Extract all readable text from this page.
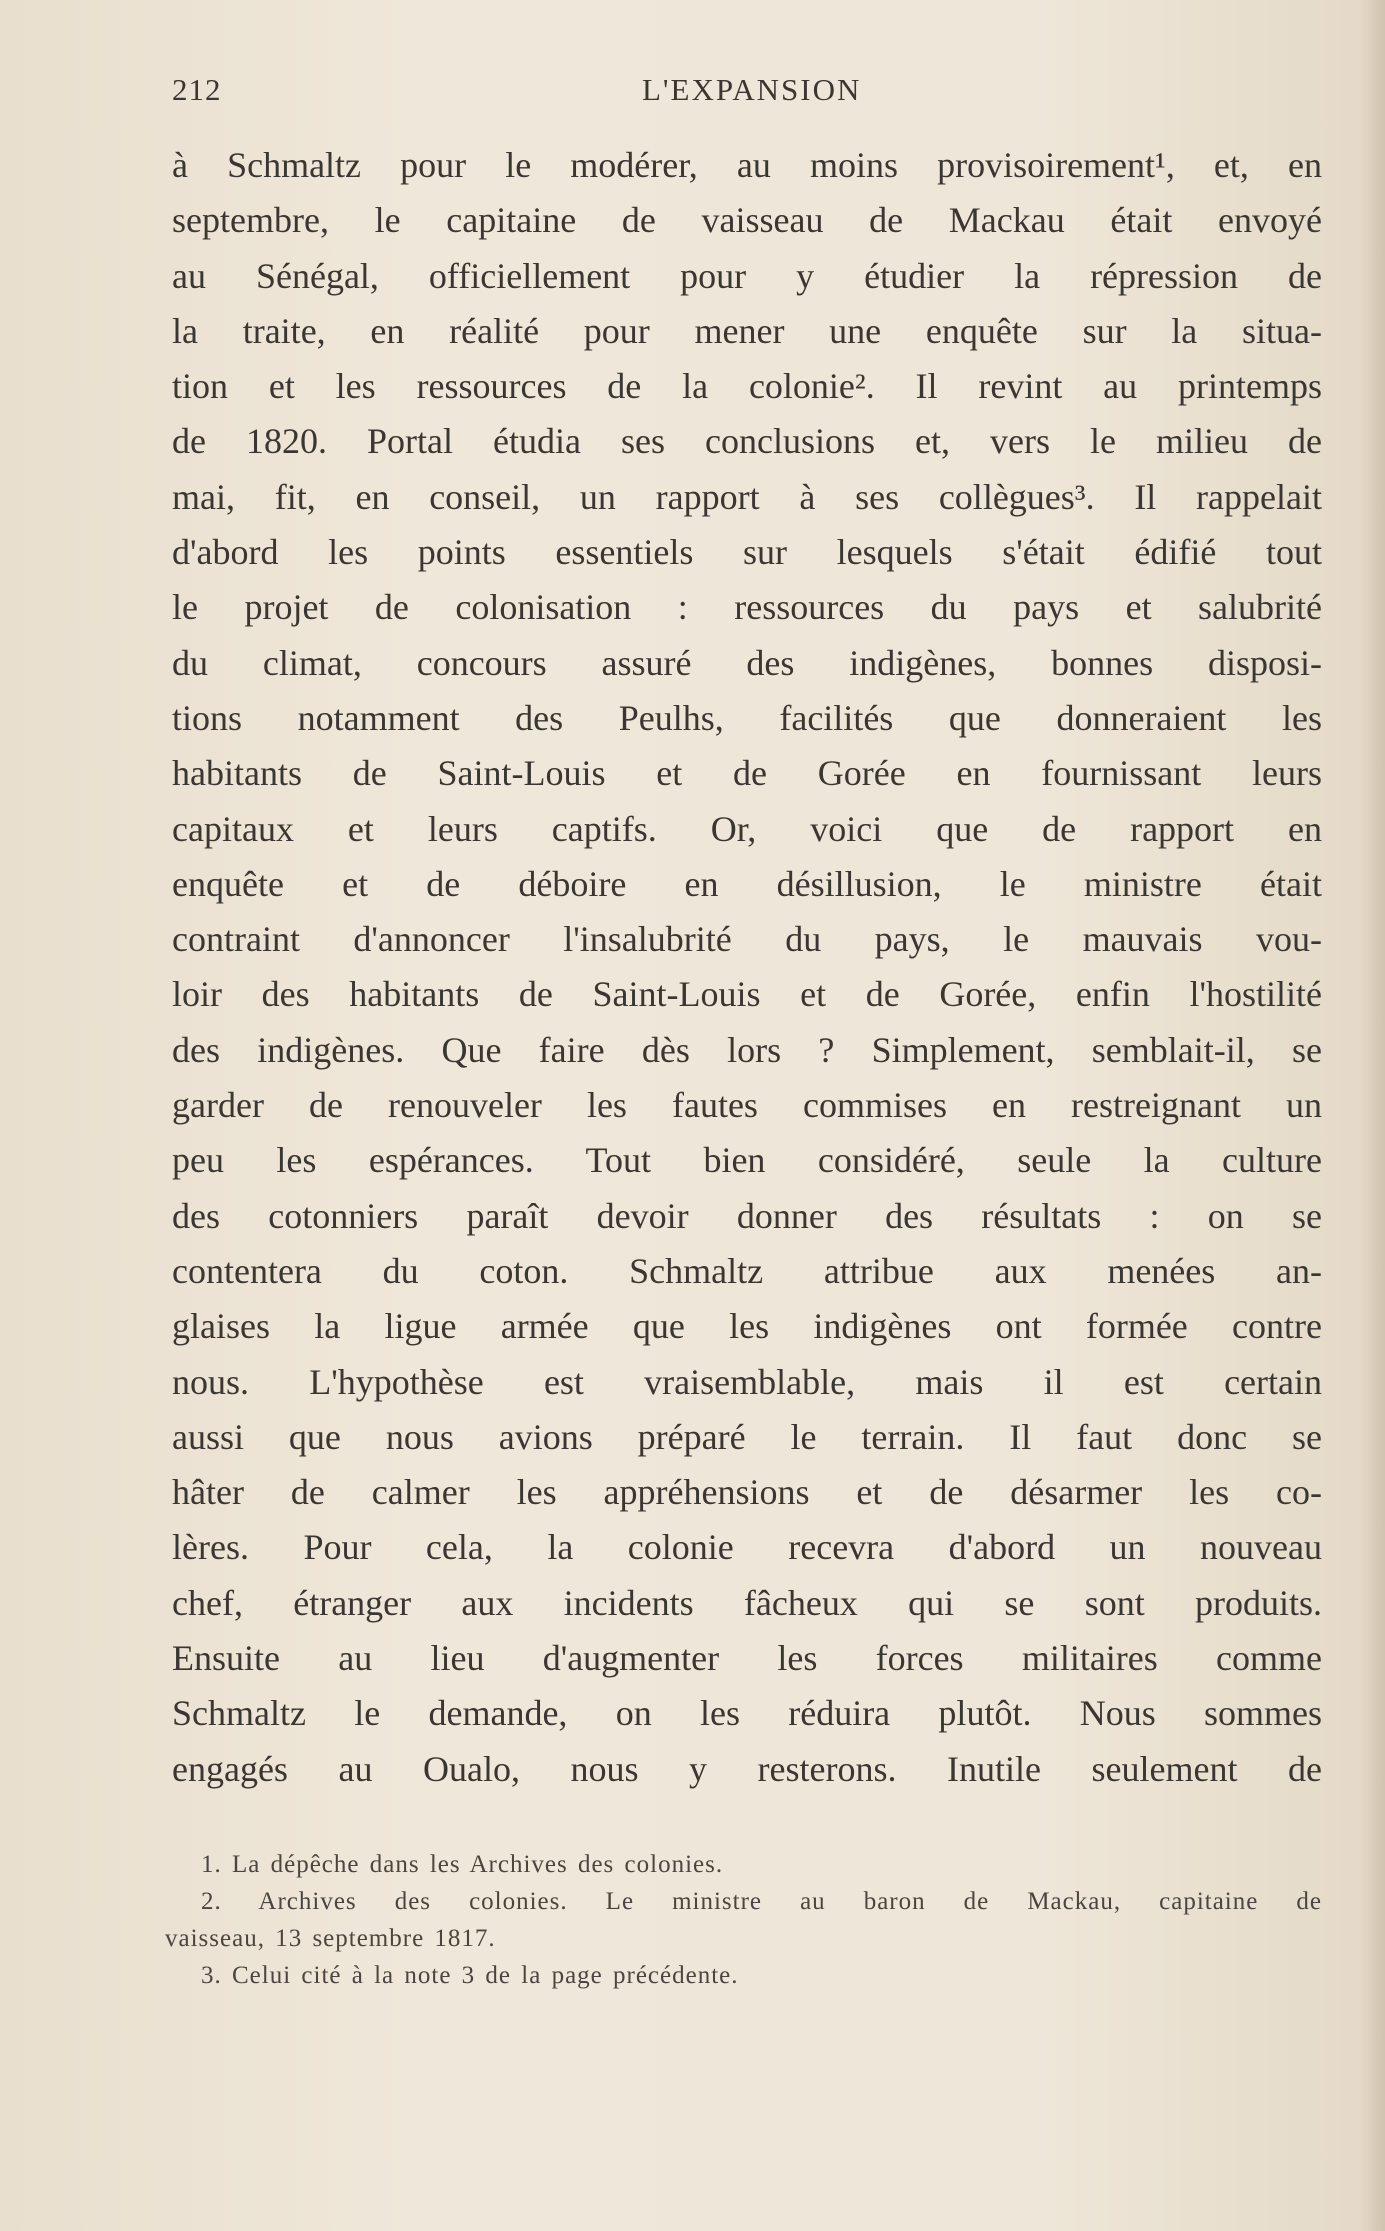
212	L'EXPANSION
à Schmaltz pour le modérer, au moins provisoirement¹, et, en
septembre, le capitaine de vaisseau de Mackau était envoyé
au Sénégal, officiellement pour y étudier la répression de
la traite, en réalité pour mener une enquête sur la situa-
tion et les ressources de la colonie². Il revint au printemps
de 1820. Portal étudia ses conclusions et, vers le milieu de
mai, fit, en conseil, un rapport à ses collègues³. Il rappelait
d'abord les points essentiels sur lesquels s'était édifié tout
le projet de colonisation : ressources du pays et salubrité
du climat, concours assuré des indigènes, bonnes disposi-
tions notamment des Peulhs, facilités que donneraient les
habitants de Saint-Louis et de Gorée en fournissant leurs
capitaux et leurs captifs. Or, voici que de rapport en
enquête et de déboire en désillusion, le ministre était
contraint d'annoncer l'insalubrité du pays, le mauvais vou-
loir des habitants de Saint-Louis et de Gorée, enfin l'hostilité
des indigènes. Que faire dès lors ? Simplement, semblait-il, se
garder de renouveler les fautes commises en restreignant un
peu les espérances. Tout bien considéré, seule la culture
des cotonniers paraît devoir donner des résultats : on se
contentera du coton. Schmaltz attribue aux menées an-
glaises la ligue armée que les indigènes ont formée contre
nous. L'hypothèse est vraisemblable, mais il est certain
aussi que nous avions préparé le terrain. Il faut donc se
hâter de calmer les appréhensions et de désarmer les co-
lères. Pour cela, la colonie recevra d'abord un nouveau
chef, étranger aux incidents fâcheux qui se sont produits.
Ensuite au lieu d'augmenter les forces militaires comme
Schmaltz le demande, on les réduira plutôt. Nous sommes
engagés au Oualo, nous y resterons. Inutile seulement de
1. La dépêche dans les Archives des colonies.
2. Archives des colonies. Le ministre au baron de Mackau, capitaine de
vaisseau, 13 septembre 1817.
3. Celui cité à la note 3 de la page précédente.
